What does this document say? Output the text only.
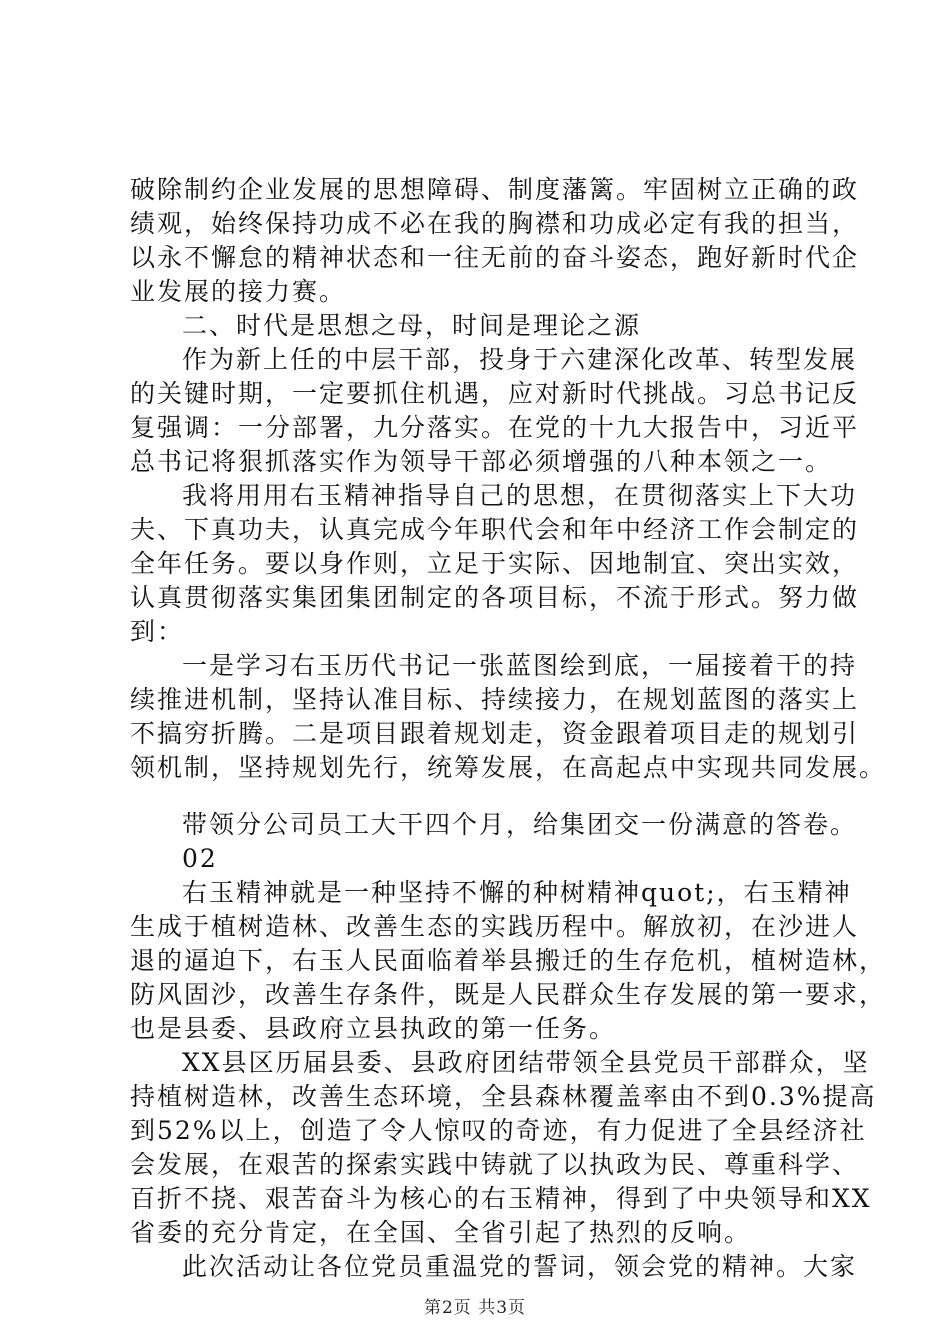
破除制约企业发展的思想障碍、制度藩篱。牢固树立正确的政
绩观，始终保持功成不必在我的胸襟和功成必定有我的担当，
以永不懈怠的精神状态和一往无前的奋斗姿态，跑好新时代企
业发展的接力赛。
二、时代是思想之母，时间是理论之源
作为新上任的中层干部，投身于六建深化改革、转型发展
的关键时期，一定要抓住机遇，应对新时代挑战。习总书记反
复强调：一分部署，九分落实。在党的十九大报告中，习近平
总书记将狠抓落实作为领导干部必须增强的八种本领之一。
我将用用右玉精神指导自己的思想，在贯彻落实上下大功
夫、下真功夫，认真完成今年职代会和年中经济工作会制定的
全年任务。要以身作则，立足于实际、因地制宜、突出实效，
认真贯彻落实集团集团制定的各项目标，不流于形式。努力做
到：
一是学习右玉历代书记一张蓝图绘到底，一届接着干的持
续推进机制，坚持认准目标、持续接力，在规划蓝图的落实上
不搞穷折腾。二是项目跟着规划走，资金跟着项目走的规划引
领机制，坚持规划先行，统筹发展，在高起点中实现共同发展。
带领分公司员工大干四个月，给集团交一份满意的答卷。
02
右玉精神就是一种坚持不懈的种树精神quot;，右玉精神
生成于植树造林、改善生态的实践历程中。解放初，在沙进人
退的逼迫下，右玉人民面临着举县搬迁的生存危机，植树造林，
防风固沙，改善生存条件，既是人民群众生存发展的第一要求，
也是县委、县政府立县执政的第一任务。
XX县区历届县委、县政府团结带领全县党员干部群众，坚
持植树造林，改善生态环境，全县森林覆盖率由不到0.3%提高
到52%以上，创造了令人惊叹的奇迹，有力促进了全县经济社
会发展，在艰苦的探索实践中铸就了以执政为民、尊重科学、
百折不挠、艰苦奋斗为核心的右玉精神，得到了中央领导和XX
省委的充分肯定，在全国、全省引起了热烈的反响。
此次活动让各位党员重温党的誓词，领会党的精神。大家
第2页 共3页
